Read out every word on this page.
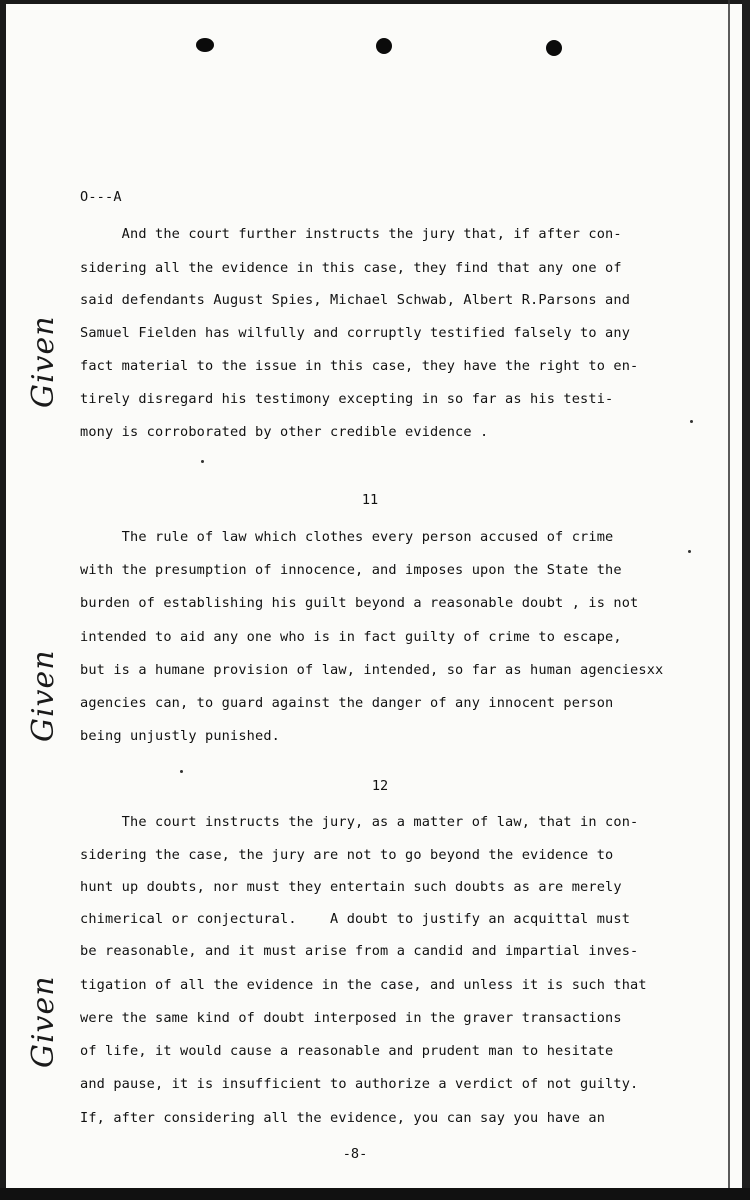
O---A
And the court further instructs the jury that, if after con-
sidering all the evidence in this case, they find that any one of
said defendants August Spies, Michael Schwab, Albert R.Parsons and
Samuel Fielden has wilfully and corruptly testified falsely to any
fact material to the issue in this case, they have the right to en-
tirely disregard his testimony excepting in so far as his testi-
mony is corroborated by other credible evidence .
11
The rule of law which clothes every person accused of crime
with the presumption of innocence, and imposes upon the State the
burden of establishing his guilt beyond a reasonable doubt , is not
intended to aid any one who is in fact guilty of crime to escape,
but is a humane provision of law, intended, so far as human agenciesxx
agencies can, to guard against the danger of any innocent person
being unjustly punished.
12
The court instructs the jury, as a matter of law, that in con-
sidering the case, the jury are not to go beyond the evidence to
hunt up doubts, nor must they entertain such doubts as are merely
chimerical or conjectural.    A doubt to justify an acquittal must
be reasonable, and it must arise from a candid and impartial inves-
tigation of all the evidence in the case, and unless it is such that
were the same kind of doubt interposed in the graver transactions
of life, it would cause a reasonable and prudent man to hesitate
and pause, it is insufficient to authorize a verdict of not guilty.
If, after considering all the evidence, you can say you have an
-8-
Given
Given
Given
